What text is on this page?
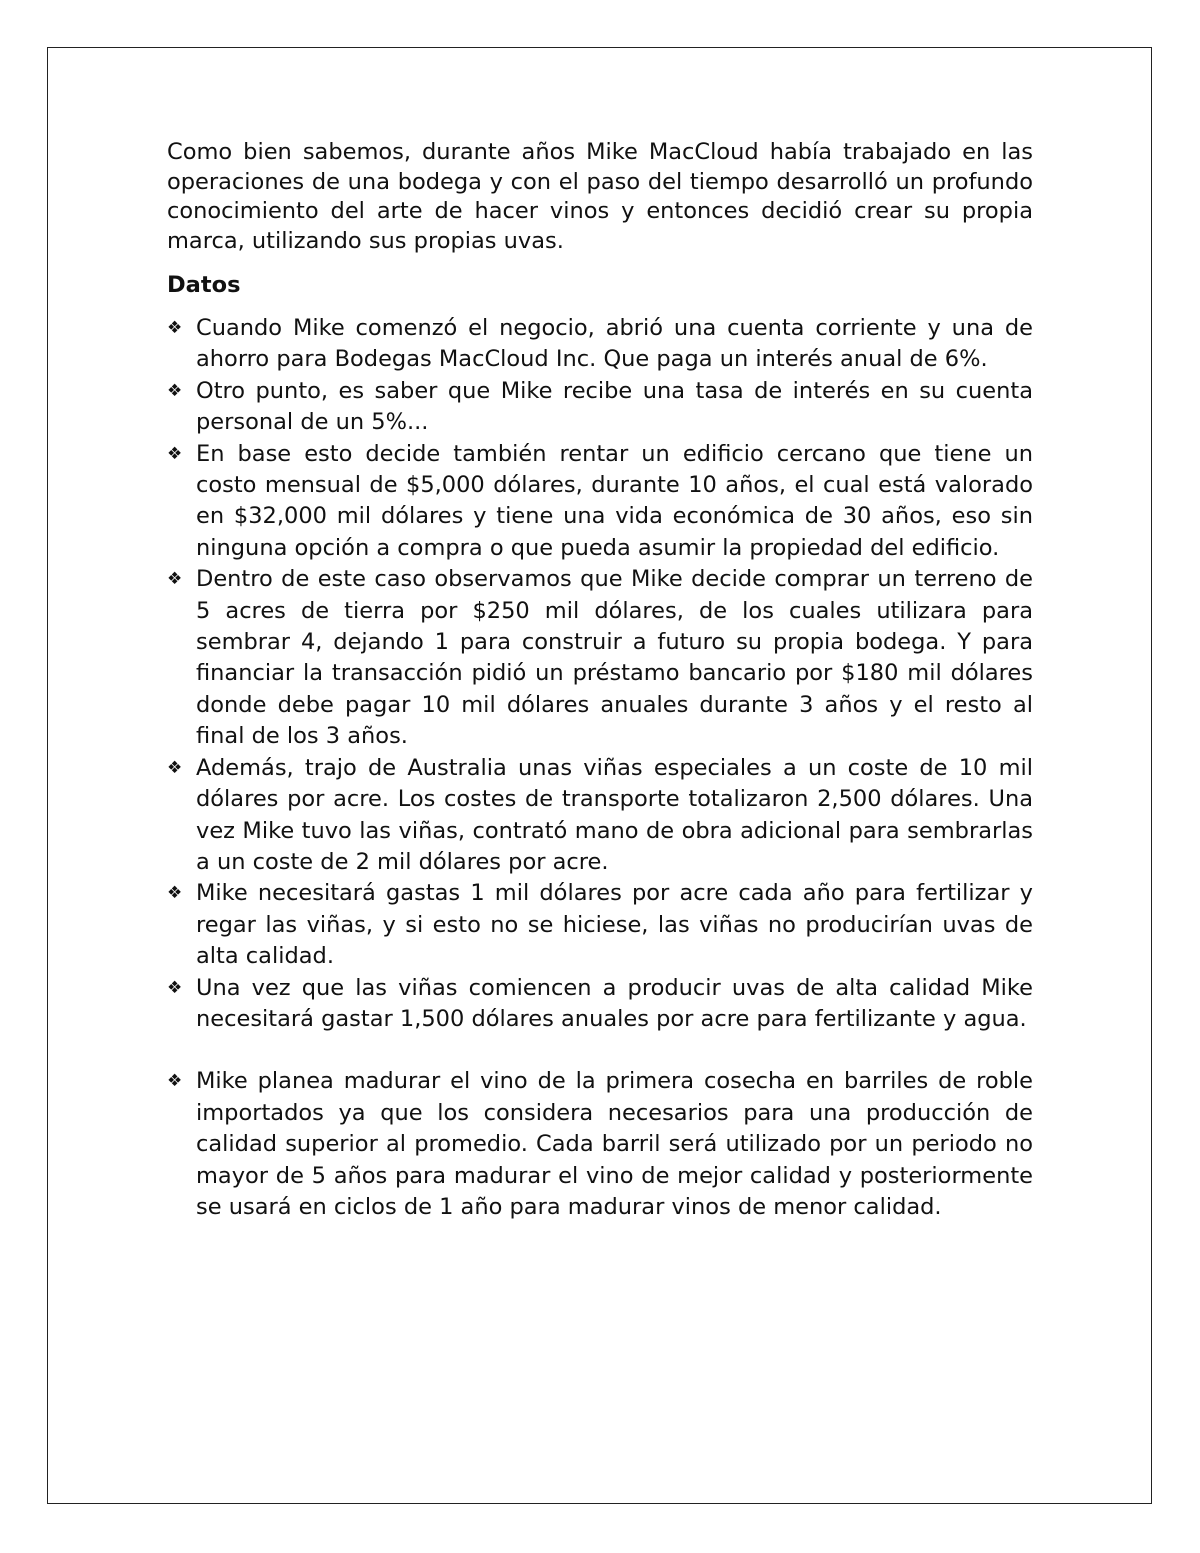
Como bien sabemos, durante años Mike MacCloud había trabajado en las operaciones de una bodega y con el paso del tiempo desarrolló un profundo conocimiento del arte de hacer vinos y entonces decidió crear su propia marca, utilizando sus propias uvas.

Datos

❖ Cuando Mike comenzó el negocio, abrió una cuenta corriente y una de ahorro para Bodegas MacCloud Inc. Que paga un interés anual de 6%.
❖ Otro punto, es saber que Mike recibe una tasa de interés en su cuenta personal de un 5%...
❖ En base esto decide también rentar un edificio cercano que tiene un costo mensual de $5,000 dólares, durante 10 años, el cual está valorado en $32,000 mil dólares y tiene una vida económica de 30 años, eso sin ninguna opción a compra o que pueda asumir la propiedad del edificio.
❖ Dentro de este caso observamos que Mike decide comprar un terreno de 5 acres de tierra por $250 mil dólares, de los cuales utilizara para sembrar 4, dejando 1 para construir a futuro su propia bodega. Y para financiar la transacción pidió un préstamo bancario por $180 mil dólares donde debe pagar 10 mil dólares anuales durante 3 años y el resto al final de los 3 años.
❖ Además, trajo de Australia unas viñas especiales a un coste de 10 mil dólares por acre. Los costes de transporte totalizaron 2,500 dólares. Una vez Mike tuvo las viñas, contrató mano de obra adicional para sembrarlas a un coste de 2 mil dólares por acre.
❖ Mike necesitará gastas 1 mil dólares por acre cada año para fertilizar y regar las viñas, y si esto no se hiciese, las viñas no producirían uvas de alta calidad.
❖ Una vez que las viñas comiencen a producir uvas de alta calidad Mike necesitará gastar 1,500 dólares anuales por acre para fertilizante y agua.
❖ Mike planea madurar el vino de la primera cosecha en barriles de roble importados ya que los considera necesarios para una producción de calidad superior al promedio. Cada barril será utilizado por un periodo no mayor de 5 años para madurar el vino de mejor calidad y posteriormente se usará en ciclos de 1 año para madurar vinos de menor calidad.
